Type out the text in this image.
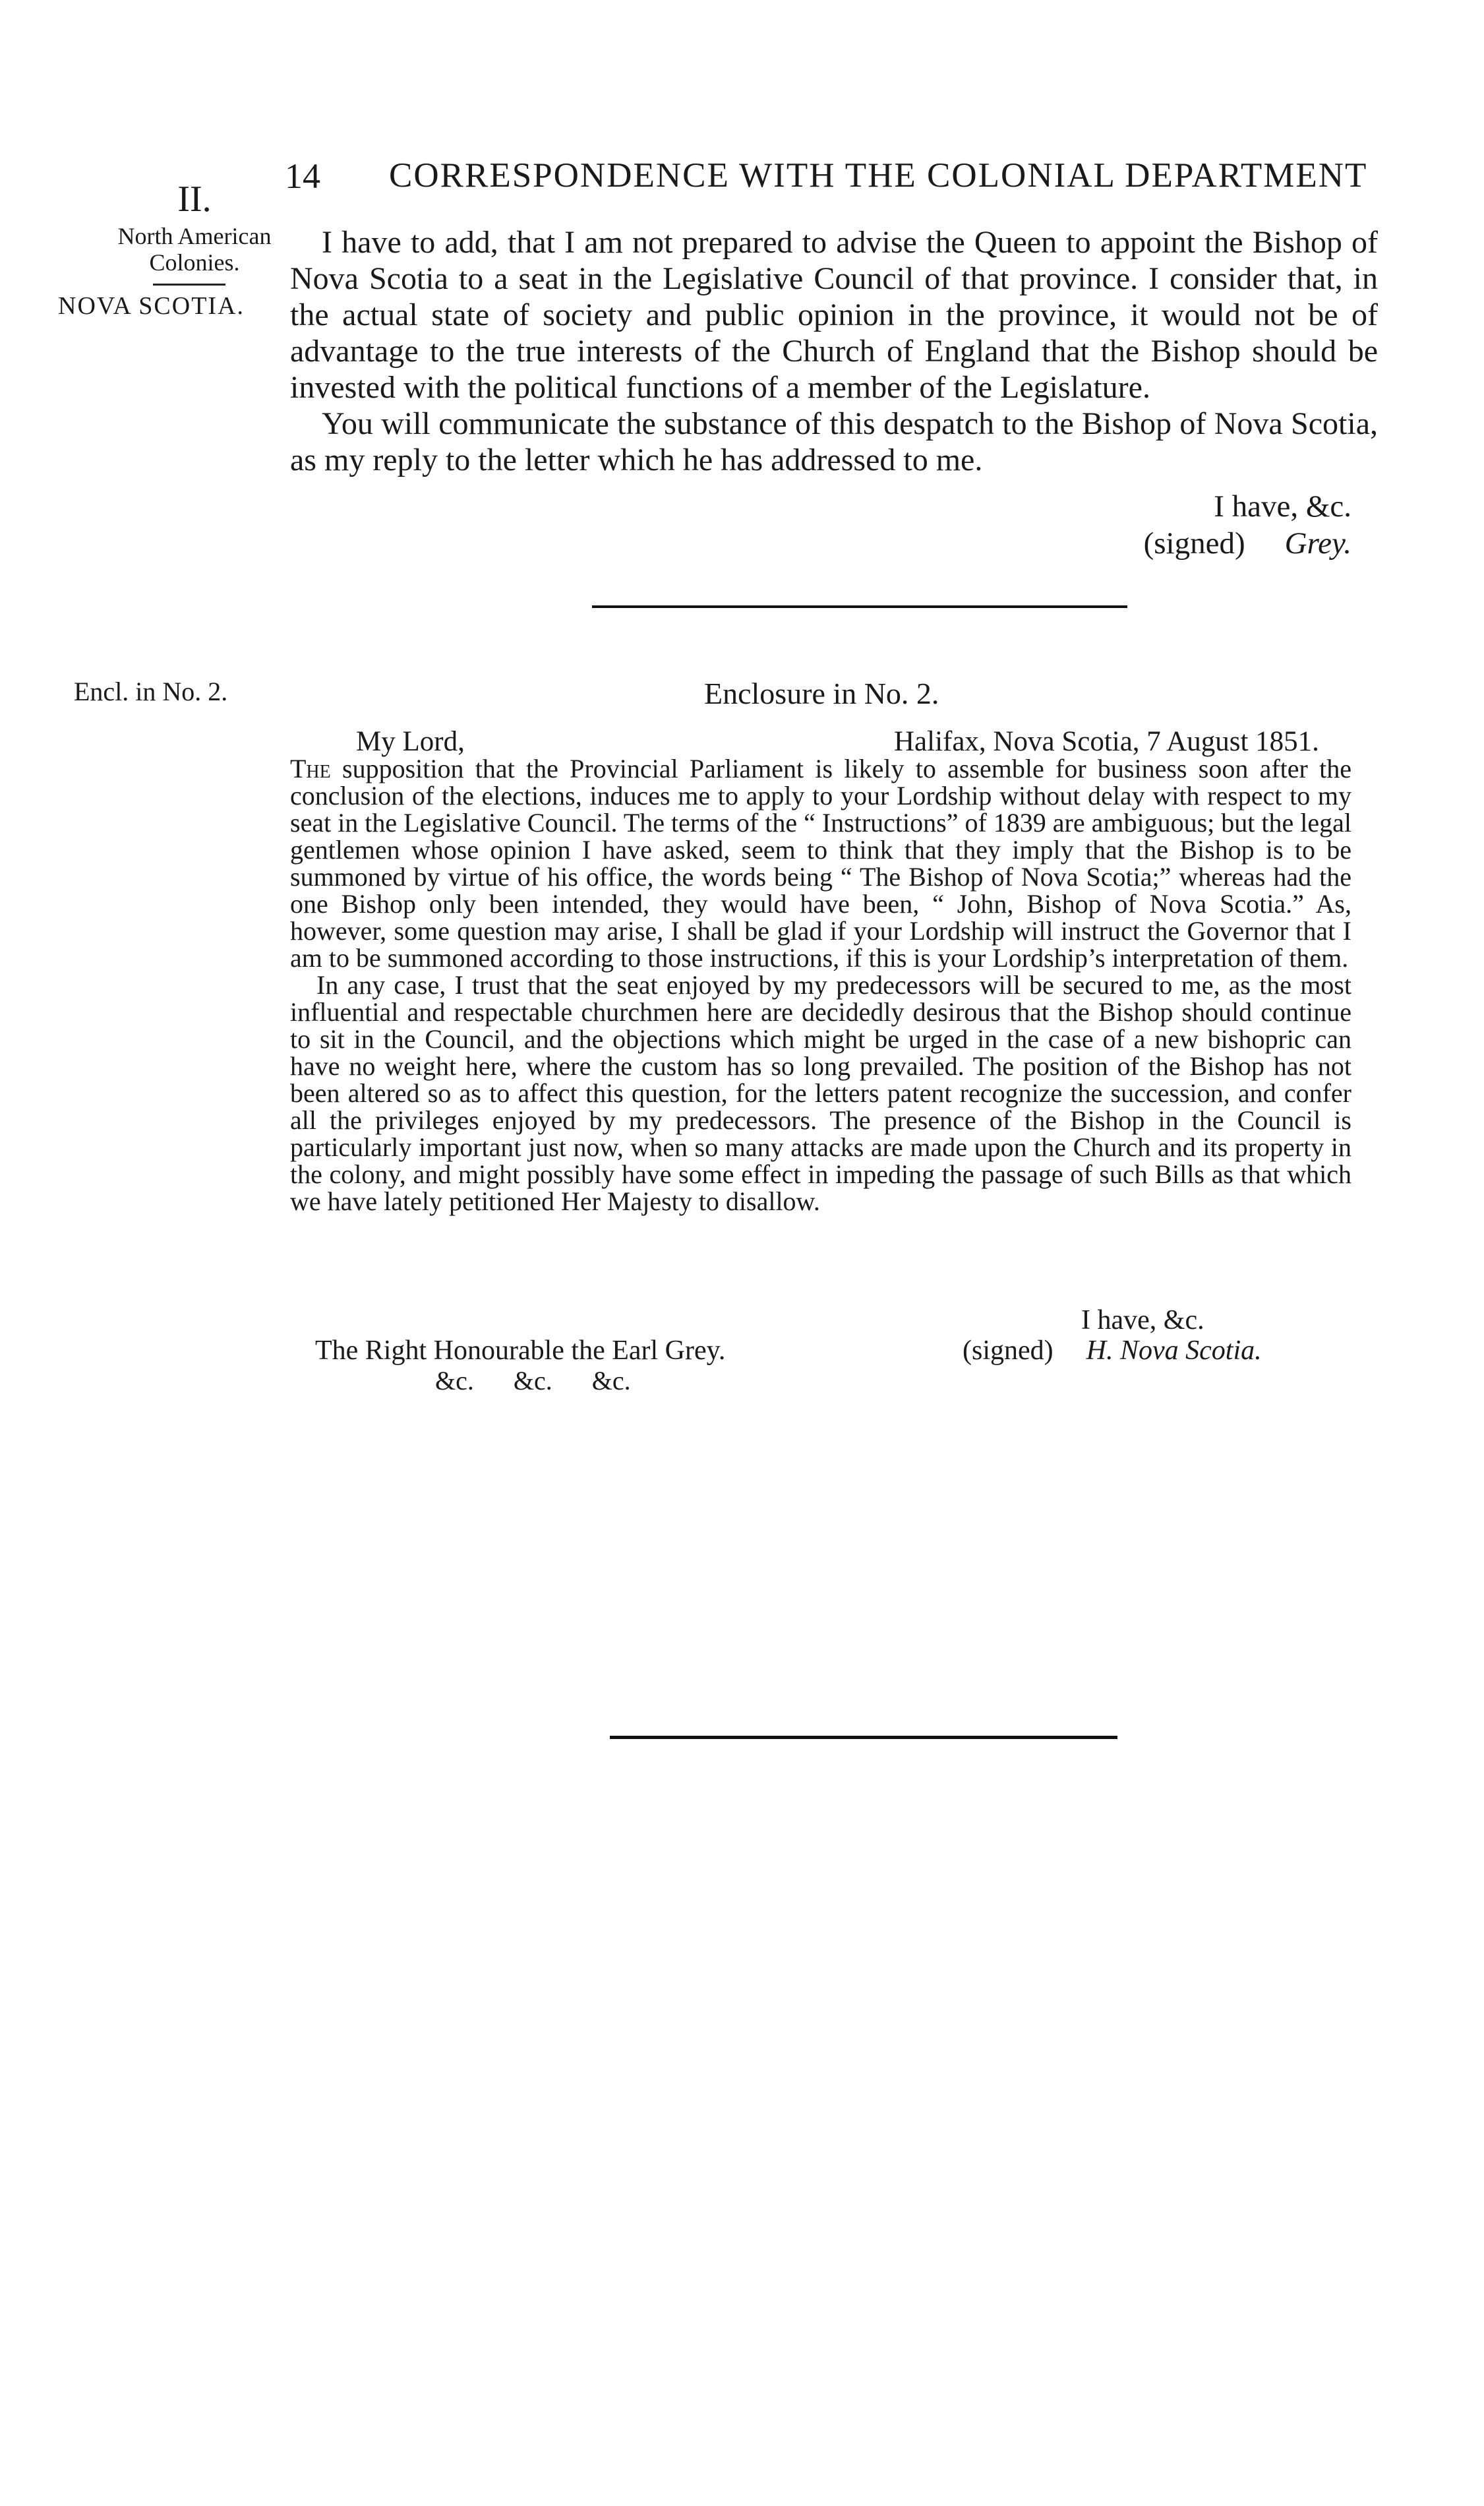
14 CORRESPONDENCE WITH THE COLONIAL DEPARTMENT
II.
North American Colonies.
NOVA SCOTIA.
Encl. in No. 2.

I have to add, that I am not prepared to advise the Queen to appoint the Bishop of Nova Scotia to a seat in the Legislative Council of that province. I consider that, in the actual state of society and public opinion in the province, it would not be of advantage to the true interests of the Church of England that the Bishop should be invested with the political functions of a member of the Legislature.

You will communicate the substance of this despatch to the Bishop of Nova Scotia, as my reply to the letter which he has addressed to me.

I have, &c.
(signed) Grey.
Enclosure in No. 2.
My Lord,	Halifax, Nova Scotia, 7 August 1851.

The supposition that the Provincial Parliament is likely to assemble for business soon after the conclusion of the elections, induces me to apply to your Lordship without delay with respect to my seat in the Legislative Council. The terms of the “ Instructions” of 1839 are ambiguous; but the legal gentlemen whose opinion I have asked, seem to think that they imply that the Bishop is to be summoned by virtue of his office, the words being “ The Bishop of Nova Scotia;” whereas had the one Bishop only been intended, they would have been, “ John, Bishop of Nova Scotia.” As, however, some question may arise, I shall be glad if your Lordship will instruct the Governor that I am to be summoned according to those instructions, if this is your Lordship’s interpretation of them.

In any case, I trust that the seat enjoyed by my predecessors will be secured to me, as the most influential and respectable churchmen here are decidedly desirous that the Bishop should continue to sit in the Council, and the objections which might be urged in the case of a new bishopric can have no weight here, where the custom has so long prevailed. The position of the Bishop has not been altered so as to affect this question, for the letters patent recognize the succession, and confer all the privileges enjoyed by my predecessors. The presence of the Bishop in the Council is particularly important just now, when so many attacks are made upon the Church and its property in the colony, and might possibly have some effect in impeding the passage of such Bills as that which we have lately petitioned Her Majesty to disallow.

I have, &c.
(signed) H. Nova Scotia.
The Right Honourable the Earl Grey.
&c. &c. &c.
